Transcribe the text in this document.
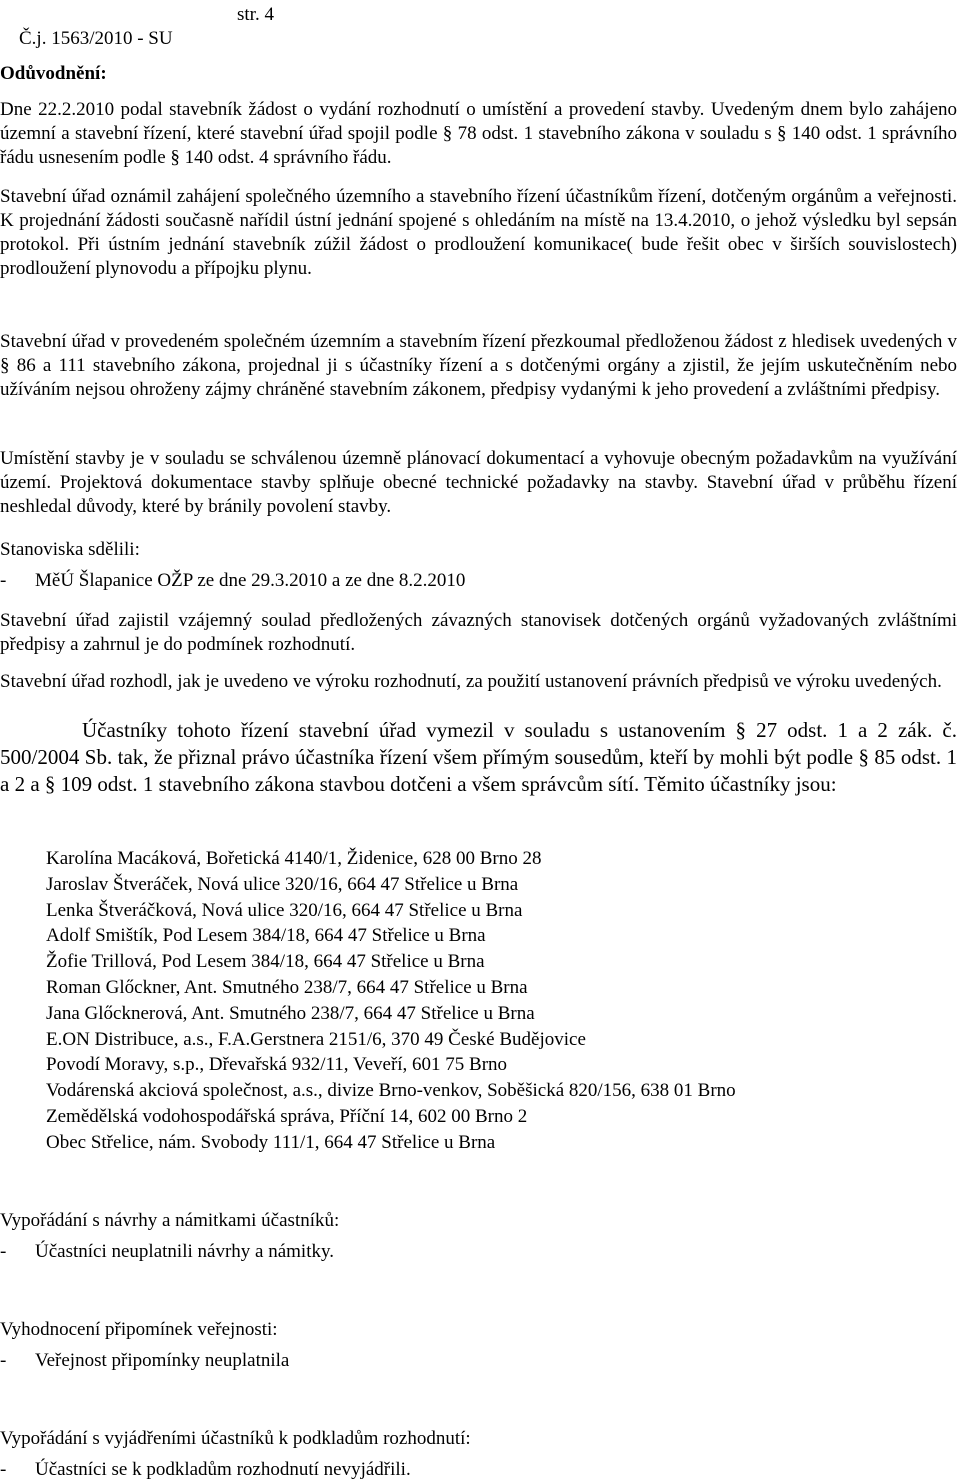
Č.j. 1563/2010 - SU

str. 4

Odůvodnění:
Dne 22.2.2010 podal stavebník žádost o vydání rozhodnutí o umístění a provedení stavby. Uvedeným dnem bylo zahájeno územní a stavební řízení, které stavební úřad spojil podle § 78 odst. 1 stavebního zákona v souladu s § 140 odst. 1 správního řádu usnesením podle § 140 odst. 4 správního řádu.
Stavební úřad oznámil zahájení společného územního a stavebního řízení účastníkům řízení, dotčeným orgánům a veřejnosti. K projednání žádosti současně nařídil ústní jednání spojené s ohledáním na místě na 13.4.2010, o jehož výsledku byl sepsán protokol. Při ústním jednání stavebník zúžil žádost o prodloužení komunikace( bude řešit obec v širších souvislostech) prodloužení plynovodu a přípojku plynu.
Stavební úřad v provedeném společném územním a stavebním řízení přezkoumal předloženou žádost z hledisek uvedených v § 86 a 111 stavebního zákona, projednal ji s účastníky řízení a s dotčenými orgány a zjistil, že jejím uskutečněním nebo užíváním nejsou ohroženy zájmy chráněné stavebním zákonem, předpisy vydanými k jeho provedení a zvláštními předpisy.
Umístění stavby je v souladu se schválenou územně plánovací dokumentací a vyhovuje obecným požadavkům na využívání území. Projektová dokumentace stavby splňuje obecné technické požadavky na stavby. Stavební úřad v průběhu řízení neshledal důvody, které by bránily povolení stavby.
Stanoviska sdělili:
- MěÚ Šlapanice OŽP ze dne 29.3.2010 a ze dne 8.2.2010
Stavební úřad zajistil vzájemný soulad předložených závazných stanovisek dotčených orgánů vyžadovaných zvláštními předpisy a zahrnul je do podmínek rozhodnutí.
Stavební úřad rozhodl, jak je uvedeno ve výroku rozhodnutí, za použití ustanovení právních předpisů ve výroku uvedených.
Účastníky tohoto řízení stavební úřad vymezil v souladu s ustanovením § 27 odst. 1 a 2 zák. č. 500/2004 Sb. tak, že přiznal právo účastníka řízení všem přímým sousedům, kteří by mohli být podle § 85 odst. 1 a 2 a § 109 odst. 1 stavebního zákona stavbou dotčeni a všem správcům sítí. Těmito účastníky jsou:
Karolína Macáková, Bořetická 4140/1, Židenice, 628 00 Brno 28
Jaroslav Štveráček, Nová ulice 320/16, 664 47 Střelice u Brna
Lenka Štveráčková, Nová ulice 320/16, 664 47 Střelice u Brna
Adolf Smištík, Pod Lesem 384/18, 664 47 Střelice u Brna
Žofie Trillová, Pod Lesem 384/18, 664 47 Střelice u Brna
Roman Glőckner, Ant. Smutného 238/7, 664 47 Střelice u Brna
Jana Glőcknerová, Ant. Smutného 238/7, 664 47 Střelice u Brna
E.ON Distribuce, a.s., F.A.Gerstnera 2151/6, 370 49 České Budějovice
Povodí Moravy, s.p., Dřevařská 932/11, Veveří, 601 75 Brno
Vodárenská akciová společnost, a.s., divize Brno-venkov, Soběšická 820/156, 638 01 Brno
Zemědělská vodohospodářská správa, Příční 14, 602 00 Brno 2
Obec Střelice, nám. Svobody 111/1, 664 47 Střelice u Brna
Vypořádání s návrhy a námitkami účastníků:
- Účastníci neuplatnili návrhy a námitky.
Vyhodnocení připomínek veřejnosti:
- Veřejnost připomínky neuplatnila
Vypořádání s vyjádřeními účastníků k podkladům rozhodnutí:
- Účastníci se k podkladům rozhodnutí nevyjádřili.
